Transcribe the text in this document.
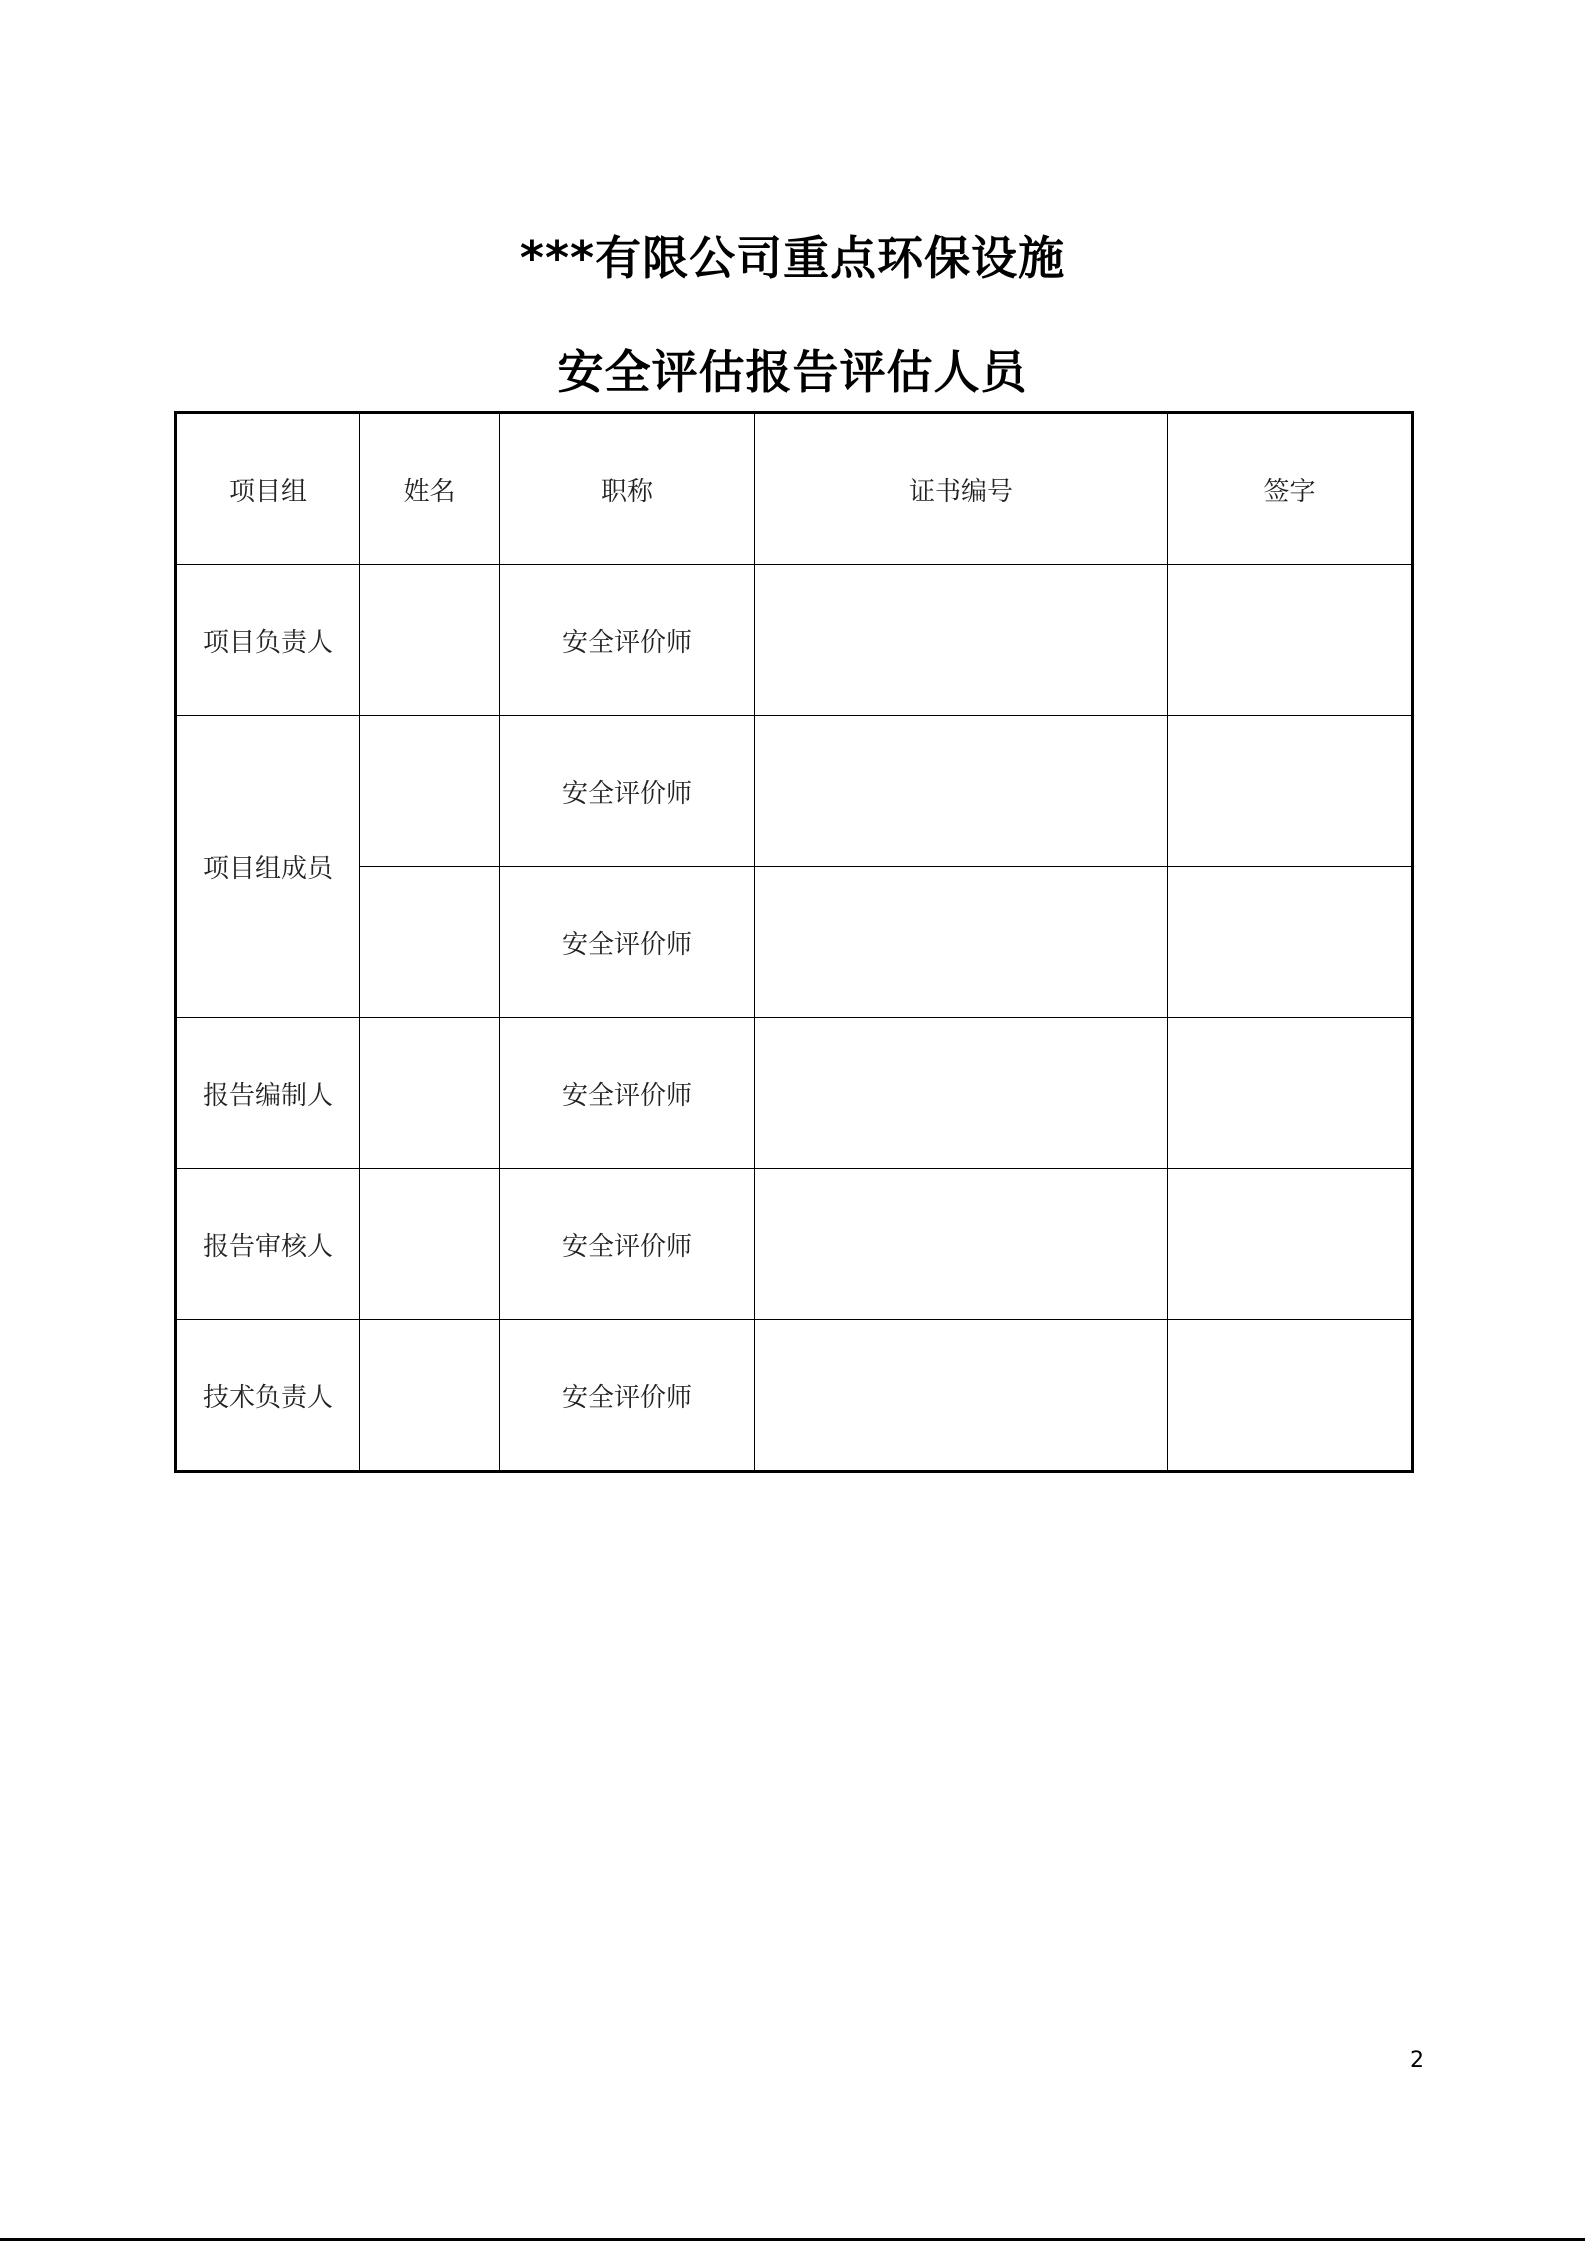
***有限公司重点环保设施
安全评估报告评估人员
项目组	姓名	职称	证书编号	签字
项目负责人		安全评价师		
项目组成员		安全评价师		
		安全评价师		
报告编制人		安全评价师		
报告审核人		安全评价师		
技术负责人		安全评价师		
2
